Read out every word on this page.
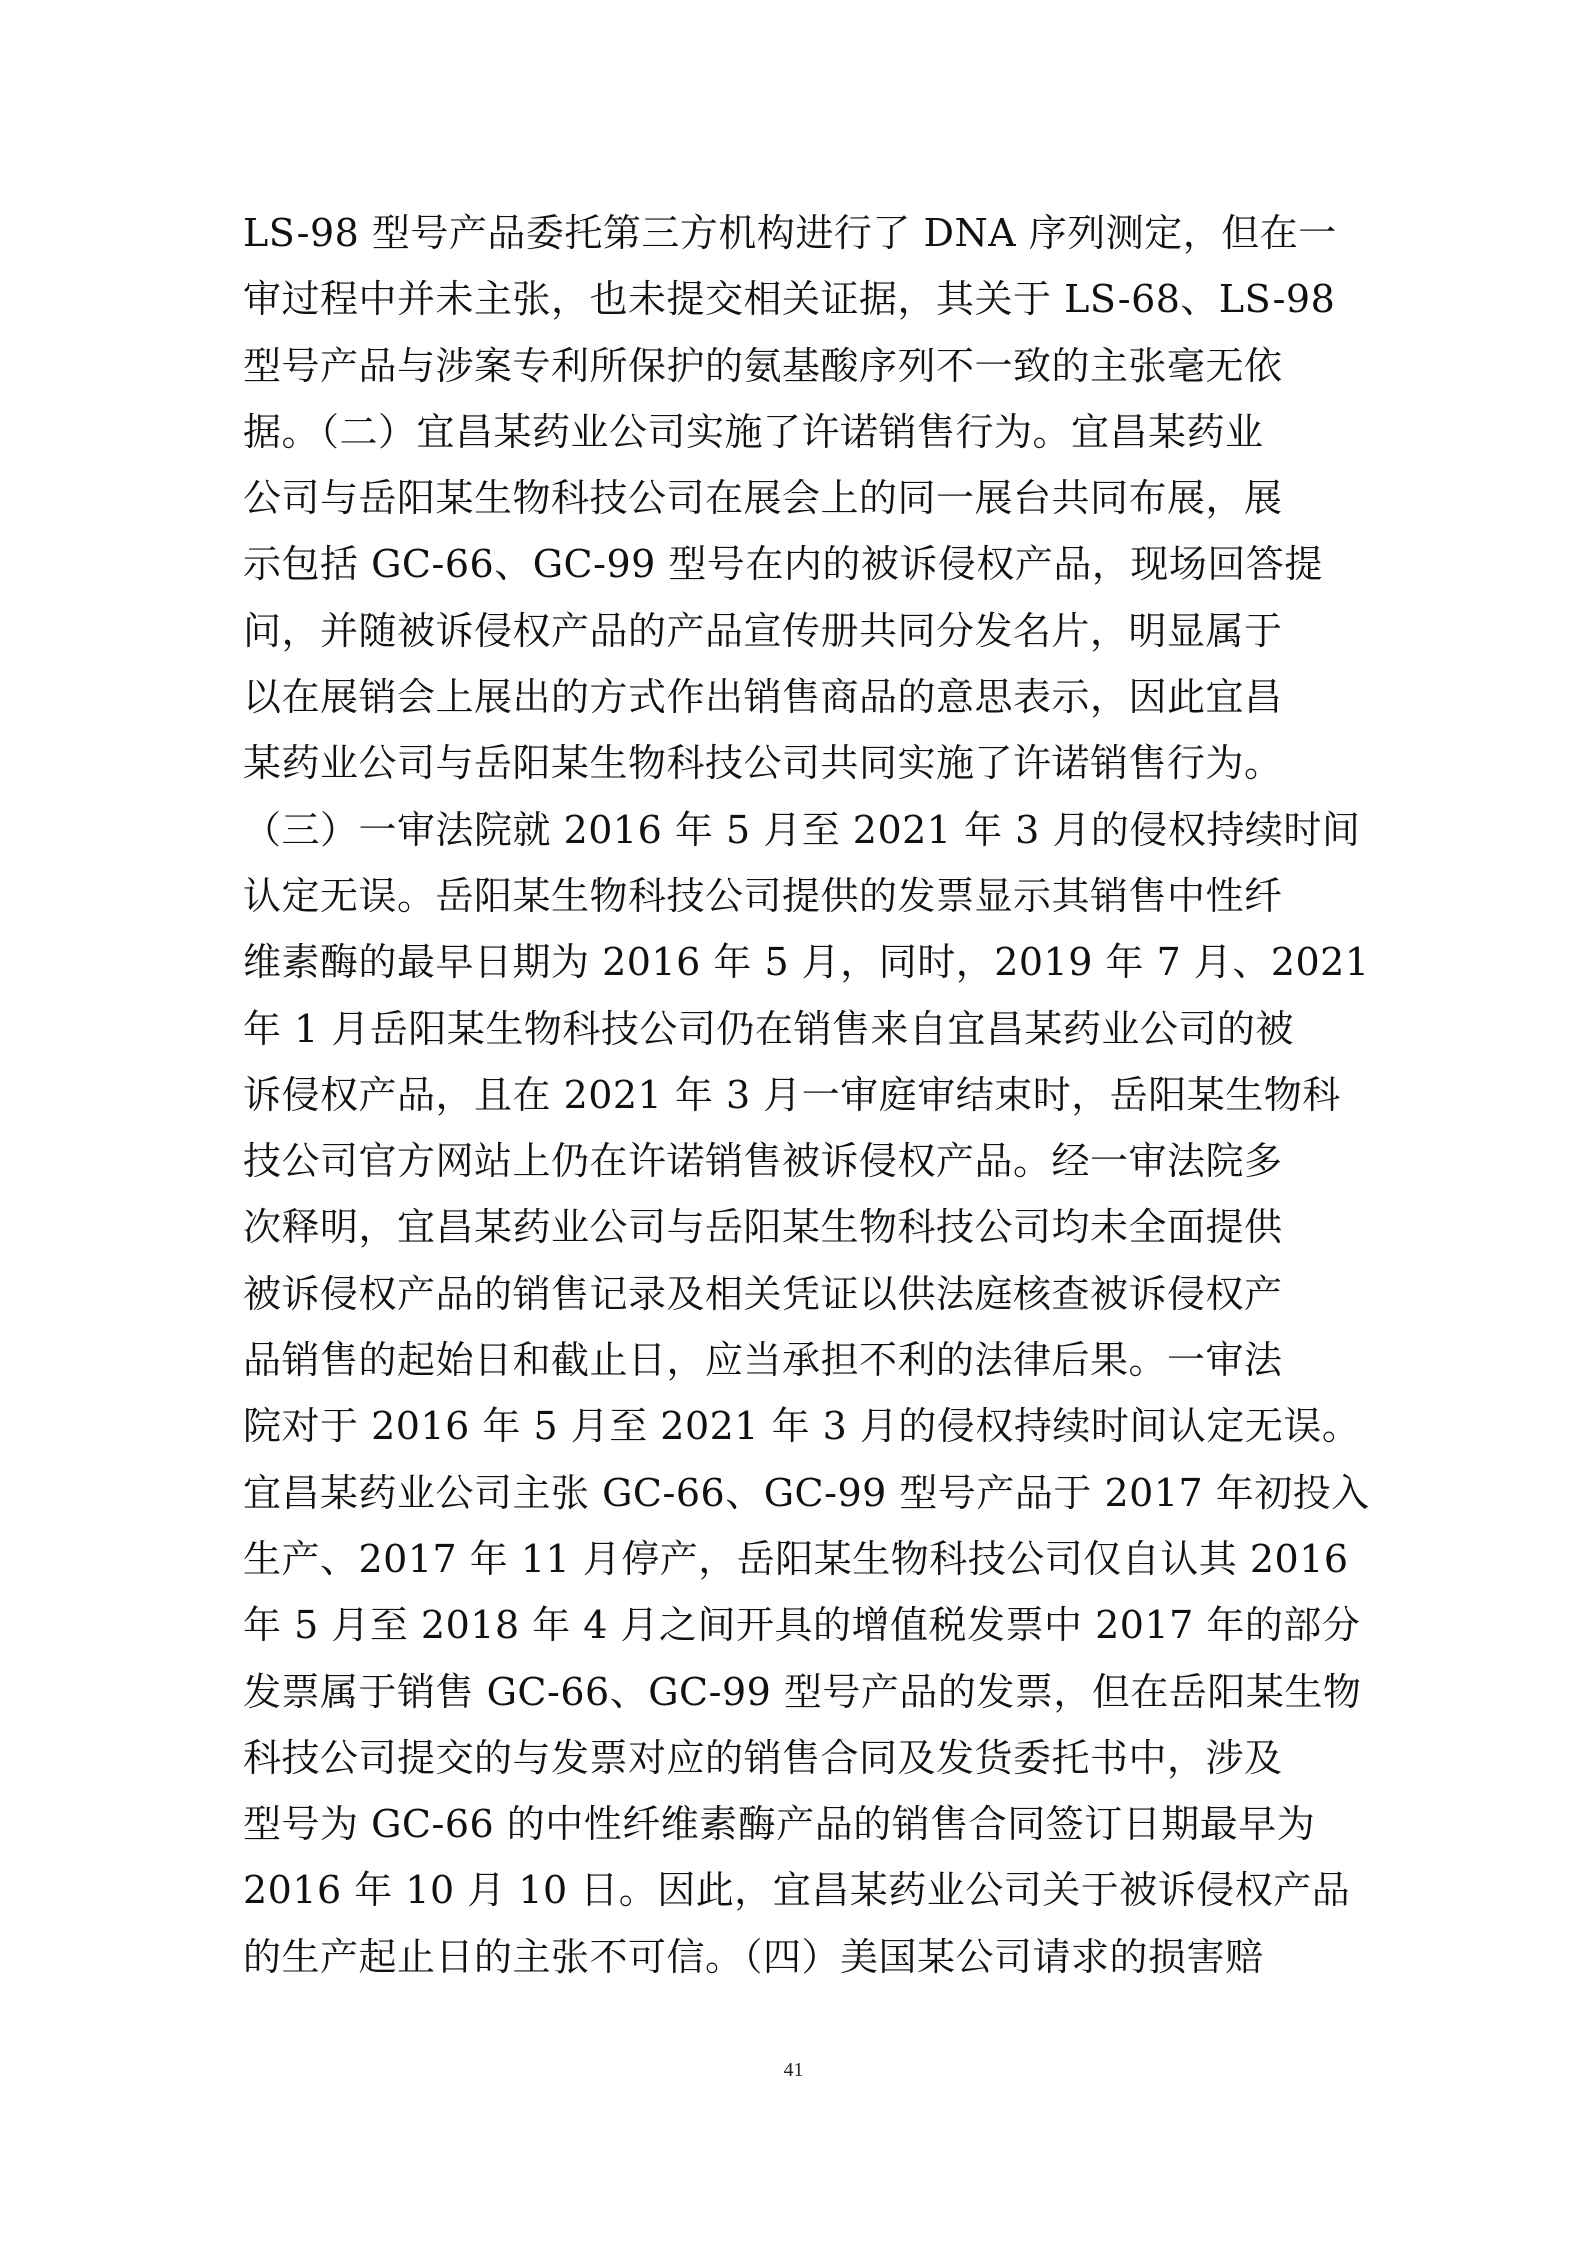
LS-98 型号产品委托第三方机构进行了 DNA 序列测定，但在一
审过程中并未主张，也未提交相关证据，其关于 LS-68、LS-98
型号产品与涉案专利所保护的氨基酸序列不一致的主张毫无依
据。（二）宜昌某药业公司实施了许诺销售行为。宜昌某药业
公司与岳阳某生物科技公司在展会上的同一展台共同布展，展
示包括 GC-66、GC-99 型号在内的被诉侵权产品，现场回答提
问，并随被诉侵权产品的产品宣传册共同分发名片，明显属于
以在展销会上展出的方式作出销售商品的意思表示，因此宜昌
某药业公司与岳阳某生物科技公司共同实施了许诺销售行为。
（三）一审法院就 2016 年 5 月至 2021 年 3 月的侵权持续时间
认定无误。岳阳某生物科技公司提供的发票显示其销售中性纤
维素酶的最早日期为 2016 年 5 月，同时，2019 年 7 月、2021
年 1 月岳阳某生物科技公司仍在销售来自宜昌某药业公司的被
诉侵权产品，且在 2021 年 3 月一审庭审结束时，岳阳某生物科
技公司官方网站上仍在许诺销售被诉侵权产品。经一审法院多
次释明，宜昌某药业公司与岳阳某生物科技公司均未全面提供
被诉侵权产品的销售记录及相关凭证以供法庭核查被诉侵权产
品销售的起始日和截止日，应当承担不利的法律后果。一审法
院对于 2016 年 5 月至 2021 年 3 月的侵权持续时间认定无误。
宜昌某药业公司主张 GC-66、GC-99 型号产品于 2017 年初投入
生产、2017 年 11 月停产，岳阳某生物科技公司仅自认其 2016
年 5 月至 2018 年 4 月之间开具的增值税发票中 2017 年的部分
发票属于销售 GC-66、GC-99 型号产品的发票，但在岳阳某生物
科技公司提交的与发票对应的销售合同及发货委托书中，涉及
型号为 GC-66 的中性纤维素酶产品的销售合同签订日期最早为
2016 年 10 月 10 日。因此，宜昌某药业公司关于被诉侵权产品
的生产起止日的主张不可信。（四）美国某公司请求的损害赔
41
